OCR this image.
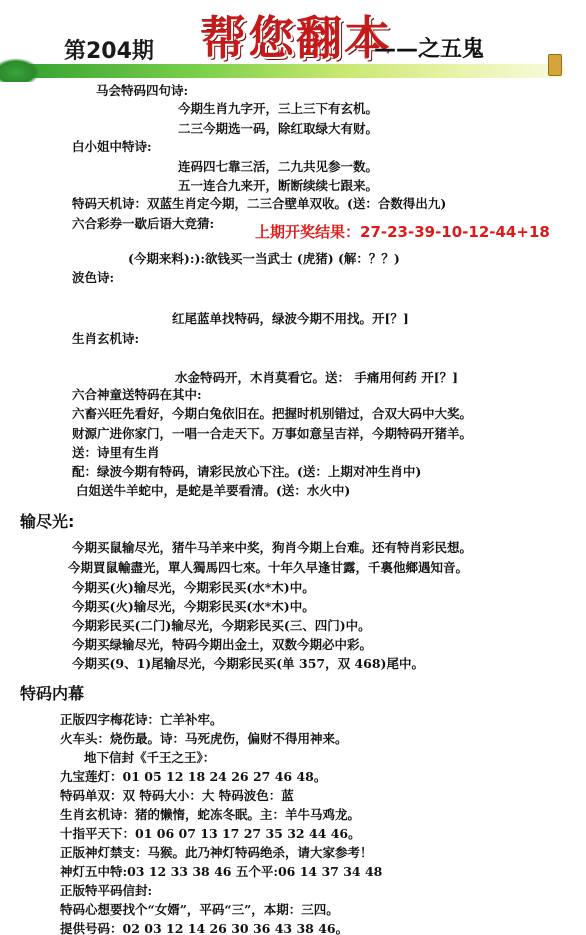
第204期 帮您翻本
——之五鬼
马会特码四句诗:
今期生肖九字开，三上三下有玄机。
二三今期选一码，除红取绿大有财。
白小姐中特诗:
连码四七靠三活，二九共见参一数。
五一连合九来开，断断续续七跟来。
特码天机诗：双蓝生肖定今期，二三合壁单双收。(送：合数得出九)
六合彩券一歇后语大竞猜:
(今期来料):):欲钱买一当武士 (虎猪) (解：？？)
波色诗:
红尾蓝单找特码，绿波今期不用找。开[？]
生肖玄机诗:
水金特码开，木肖莫看它。送： 手痛用何药 开[？]
六合神童送特码在其中:
六畜兴旺先看好，今期白兔依旧在。把握时机别错过，合双大码中大奖。
财源广进你家门，一唱一合走天下。万事如意呈吉祥，今期特码开猪羊。
送：诗里有生肖
配：绿波今期有特码，请彩民放心下注。(送：上期对冲生肖中)
白姐送牛羊蛇中，是蛇是羊要看清。(送：水火中)
今期买鼠输尽光，猪牛马羊来中奖，狗肖今期上台难。还有特肖彩民想。
今期買鼠輸盡光，單人獨馬四七來。十年久早逢甘露，千裏他鄉遇知音。
今期买(火)输尽光，今期彩民买(水*木)中。
今期买(火)输尽光，今期彩民买(水*木)中。
今期彩民买(二门)输尽光，今期彩民买(三、四门)中。
今期买绿输尽光，特码今期出金土，双数今期必中彩。
今期买(9、1)尾输尽光，今期彩民买(单 357，双 468)尾中。
正版四字梅花诗：亡羊补牢。
火车头：烧伤最。诗：马死虎伤，偏财不得用神来。
地下信封《千王之王》：
九宝莲灯：01 05 12 18 24 26 27 46 48。
特码单双：双 特码大小：大 特码波色：蓝
生肖玄机诗：猪的懒惰，蛇冻冬眠。主：羊牛马鸡龙。
十指平天下：01 06 07 13 17 27 35 32 44 46。
正版神灯禁支：马猴。此乃神灯特码绝杀，请大家参考！
神灯五中特:03 12 33 38 46 五个平:06 14 37 34 48
正版特平码信封:
特码心想要找个“女婿”，平码“三”，本期：三四。
提供号码：02 03 12 14 26 30 36 43 38 46。
输尽光:
特码内幕
上期开奖结果：27-23-39-10-12-44+18
